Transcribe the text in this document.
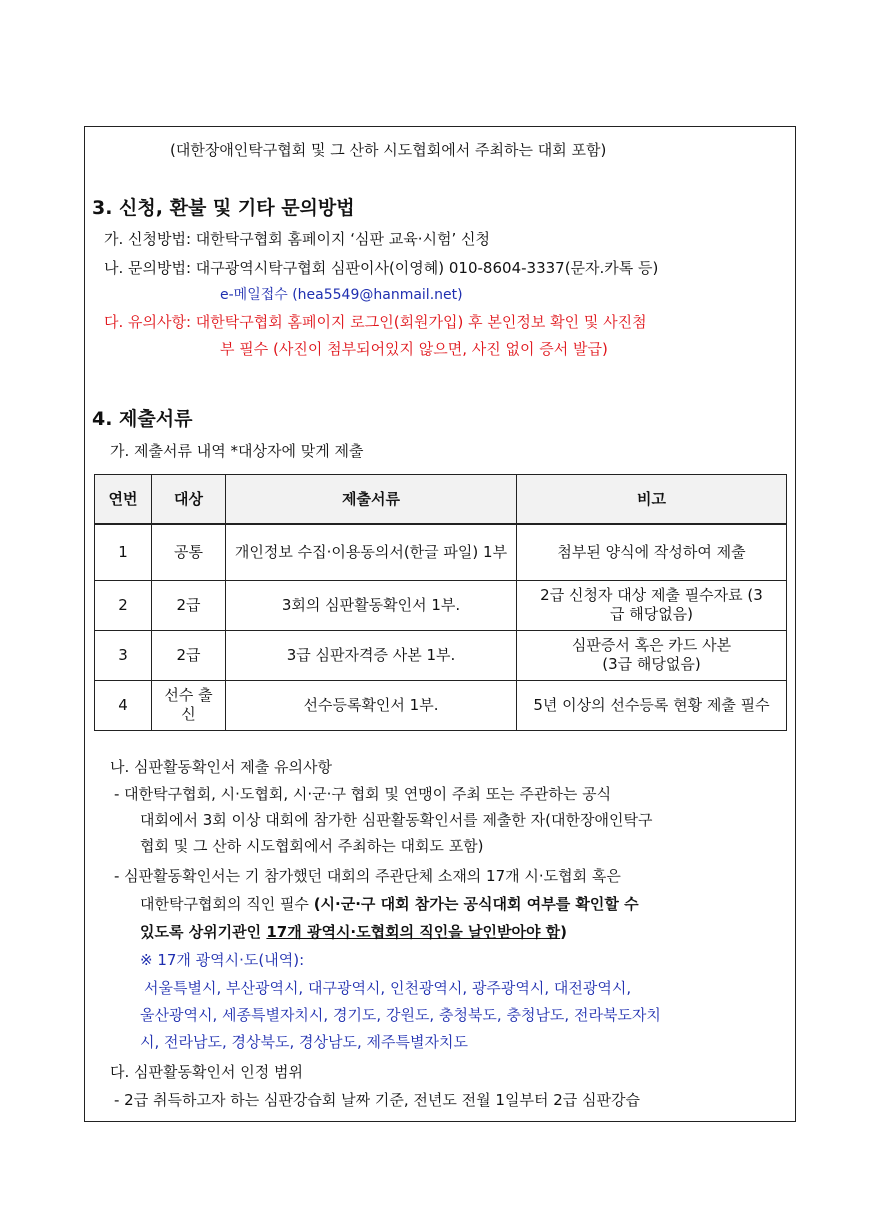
(대한장애인탁구협회 및 그 산하 시도협회에서 주최하는 대회 포함)
3. 신청, 환불 및 기타 문의방법
가. 신청방법: 대한탁구협회 홈페이지 ‘심판 교육·시험’ 신청
나. 문의방법: 대구광역시탁구협회 심판이사(이영혜) 010-8604-3337(문자.카톡 등)
e-메일접수 (hea5549@hanmail.net)
다. 유의사항: 대한탁구협회 홈페이지 로그인(회원가입) 후 본인정보 확인 및 사진첨
부 필수 (사진이 첨부되어있지 않으면, 사진 없이 증서 발급)
4. 제출서류
가. 제출서류 내역 *대상자에 맞게 제출
연번	대상	제출서류	비고
1	공통	개인정보 수집·이용동의서(한글 파일) 1부	첨부된 양식에 작성하여 제출
2	2급	3회의 심판활동확인서 1부.	2급 신청자 대상 제출 필수자료 (3급 해당없음)
3	2급	3급 심판자격증 사본 1부.	심판증서 혹은 카드 사본 (3급 해당없음)
4	선수 출신	선수등록확인서 1부.	5년 이상의 선수등록 현황 제출 필수
나. 심판활동확인서 제출 유의사항
- 대한탁구협회, 시·도협회, 시·군·구 협회 및 연맹이 주최 또는 주관하는 공식
대회에서 3회 이상 대회에 참가한 심판활동확인서를 제출한 자(대한장애인탁구
협회 및 그 산하 시도협회에서 주최하는 대회도 포함)
- 심판활동확인서는 기 참가했던 대회의 주관단체 소재의 17개 시·도협회 혹은
대한탁구협회의 직인 필수 (시·군·구 대회 참가는 공식대회 여부를 확인할 수
있도록 상위기관인 17개 광역시·도협회의 직인을 날인받아야 함)
※ 17개 광역시·도(내역):
서울특별시, 부산광역시, 대구광역시, 인천광역시, 광주광역시, 대전광역시,
울산광역시, 세종특별자치시, 경기도, 강원도, 충청북도, 충청남도, 전라북도자치
시, 전라남도, 경상북도, 경상남도, 제주특별자치도
다. 심판활동확인서 인정 범위
- 2급 취득하고자 하는 심판강습회 날짜 기준, 전년도 전월 1일부터 2급 심판강습
